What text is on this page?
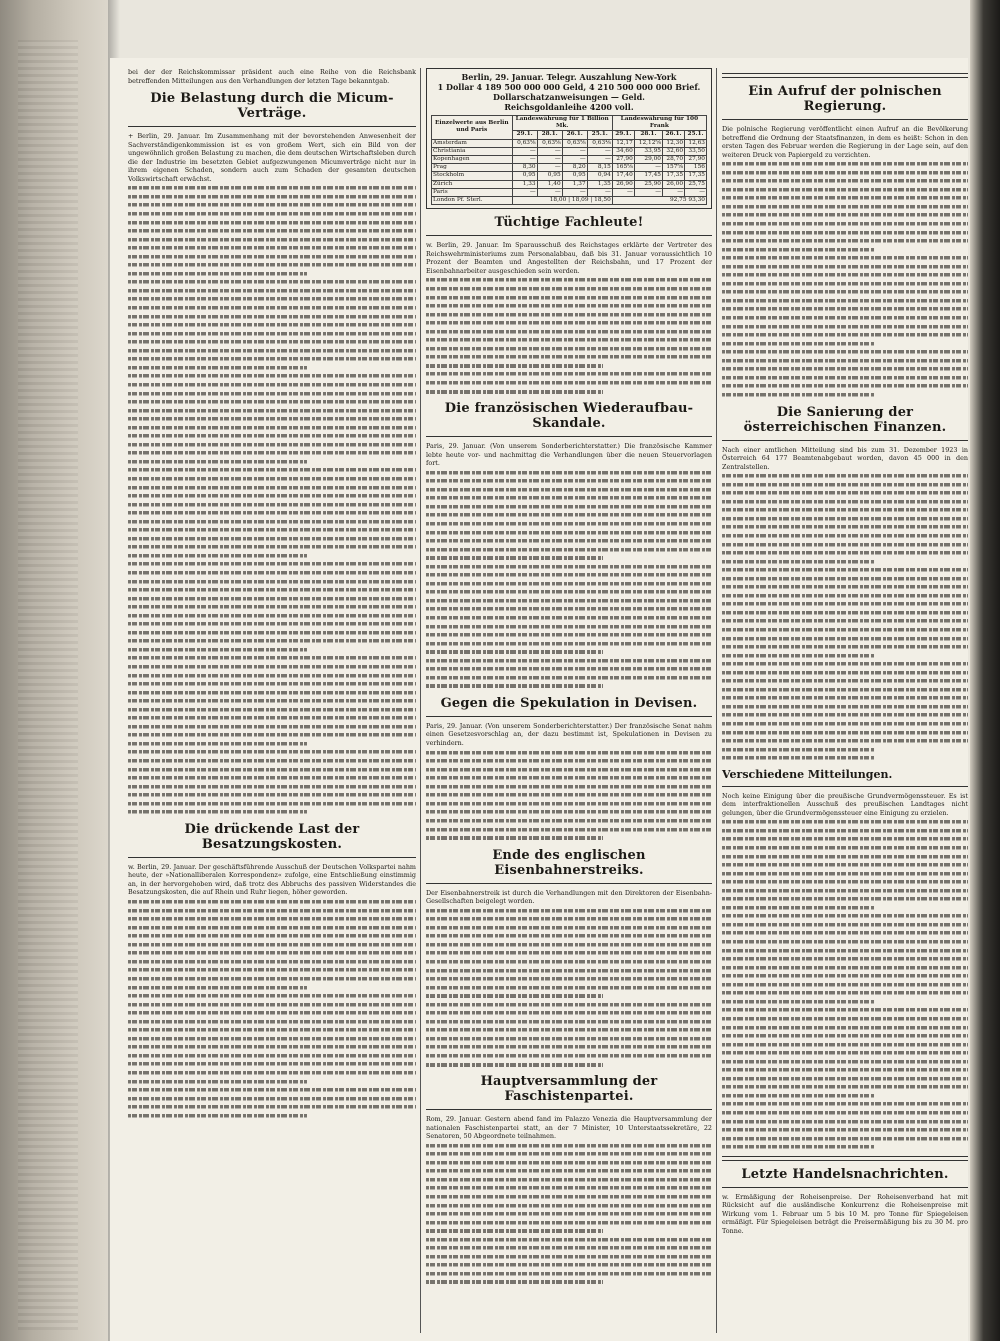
bei der der Reichskommissar präsident auch eine Reihe von die Reichsbank betreffenden Mitteilungen aus den Verhandlungen der letzten Tage bekanntgab.

Die Belastung durch die Micum-Verträge.

+ Berlin, 29. Januar. Im Zusammenhang mit der bevorstehenden Anwesenheit der Sachverständigenkommission ist es von großem Wert, sich ein Bild von der ungewöhnlich großen Belastung zu machen, die dem deutschen Wirtschaftsleben durch die der Industrie im besetzten Gebiet aufgezwungenen Micumverträge nicht nur in ihrem eigenen Schaden, sondern auch zum Schaden der gesamten deutschen Volkswirtschaft erwächst.

Die drückende Last der Besatzungskosten.

w. Berlin, 29. Januar. Der geschäftsführende Ausschuß der Deutschen Volkspartei nahm heute, der »Nationalliberalen Korrespondenz« zufolge, eine Entschließung einstimmig an, in der hervorgehoben wird, daß trotz des Abbruchs des passiven Widerstandes die Besatzungskosten, die auf Rhein und Ruhr liegen, höher geworden.

Berlin, 29. Januar. Telegr. Auszahlung New-York
1 Dollar 4 189 500 000 000 Geld, 4 210 500 000 000 Brief.
Dollarschatzanweisungen — Geld.
Reichsgoldanleihe 4200 voll.
Einzelwerte aus Berlin und Paris	Landeswährung für 1 Billion Mk.				Landeswährung für 100 Frank			
	29.1.	28.1.	26.1.	25.1.	29.1.	28.1.	26.1.	25.1.
Amsterdam	0,63⁵⁄₈	0,63⁶⁄₈	0,63⁵⁄₈	0,63⁴⁄₈	12,17	12,12⁵⁄₈	12,30	12,63
Christiania	—	—	—	—	34,60	33,95	32,60	33,50
Kopenhagen	—	—	—	—	27,90	29,00	28,70	27,90
Prag	8,30	—	8,20	8,15	165⁵⁄₈	—	157⁵⁄₈	156
Stockholm	0,95	0,95	0,95	0,94	17,40	17,45	17,35	17,35
Zürich	1,33	1,40	1,37	1,35	26,90	25,90	26,00	25,75
Paris	—	—	—	—	—	—	—	—
London Pf. Sterl.	18,00 | 18,09 | 18,50				92,75 93,30			
Tüchtige Fachleute!

w. Berlin, 29. Januar. Im Sparausschuß des Reichstages erklärte der Vertreter des Reichswehrministeriums zum Personalabbau, daß bis 31. Januar voraussichtlich 10 Prozent der Beamten und Angestellten der Reichsbahn, und 17 Prozent der Eisenbahnarbeiter ausgeschieden sein werden.

Die französischen Wiederaufbau-Skandale.

Paris, 29. Januar. (Von unserem Sonderberichterstatter.) Die französische Kammer lebte heute vor- und nachmittag die Verhandlungen über die neuen Steuervorlagen fort.

Gegen die Spekulation in Devisen.

Paris, 29. Januar. (Von unserem Sonderberichterstatter.) Der französische Senat nahm einen Gesetzesvorschlag an, der dazu bestimmt ist, Spekulationen in Devisen zu verhindern.

Ende des englischen Eisenbahnerstreiks.

Der Eisenbahnerstreik ist durch die Verhandlungen mit den Direktoren der Eisenbahn-Gesellschaften beigelegt worden.

Hauptversammlung der Faschistenpartei.

Rom, 29. Januar. Gestern abend fand im Palazzo Venezia die Hauptversammlung der nationalen Faschistenpartei statt, an der 7 Minister, 10 Unterstaatssekretäre, 22 Senatoren, 50 Abgeordnete teilnahmen.

Ein Aufruf der polnischen Regierung.

Die polnische Regierung veröffentlicht einen Aufruf an die Bevölkerung betreffend die Ordnung der Staatsfinanzen, in dem es heißt: Schon in den ersten Tagen des Februar werden die Regierung in der Lage sein, auf den weiteren Druck von Papiergeld zu verzichten.

Die Sanierung der österreichischen Finanzen.

Nach einer amtlichen Mitteilung sind bis zum 31. Dezember 1923 in Österreich 64 177 Beamtenabgebaut worden, davon 45 000 in den Zentralstellen.

Verschiedene Mitteilungen.

Noch keine Einigung über die preußische Grundvermögenssteuer. Es ist dem interfraktionellen Ausschuß des preußischen Landtages nicht gelungen, über die Grundvermögenssteuer eine Einigung zu erzielen.

Letzte Handelsnachrichten.

w. Ermäßigung der Roheisenpreise. Der Roheisenverband hat mit Rücksicht auf die ausländische Konkurrenz die Roheisenpreise mit Wirkung vom 1. Februar um 5 bis 10 M. pro Tonne für Spiegeleisen ermäßigt. Für Spiegeleisen beträgt die Preisermäßigung bis zu 30 M. pro Tonne.
